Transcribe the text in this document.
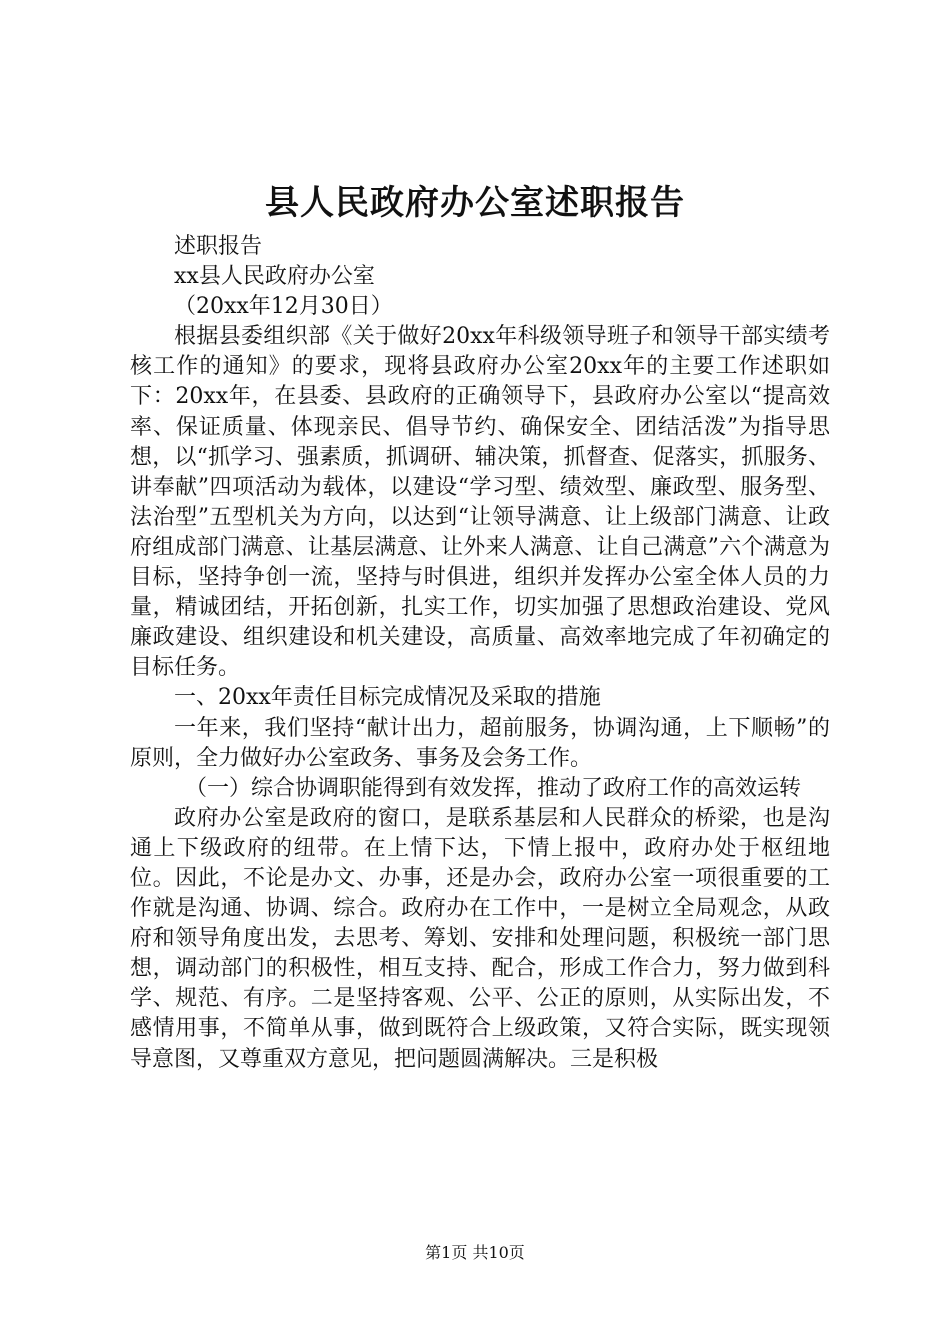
县人民政府办公室述职报告

述职报告

xx县人民政府办公室

（20xx年12月30日）

根据县委组织部《关于做好20xx年科级领导班子和领导干部实绩考核工作的通知》的要求，现将县政府办公室20xx年的主要工作述职如下：20xx年，在县委、县政府的正确领导下，县政府办公室以“提高效率、保证质量、体现亲民、倡导节约、确保安全、团结活泼”为指导思想，以“抓学习、强素质，抓调研、辅决策，抓督查、促落实，抓服务、讲奉献”四项活动为载体，以建设“学习型、绩效型、廉政型、服务型、法治型”五型机关为方向，以达到“让领导满意、让上级部门满意、让政府组成部门满意、让基层满意、让外来人满意、让自己满意”六个满意为目标，坚持争创一流，坚持与时俱进，组织并发挥办公室全体人员的力量，精诚团结，开拓创新，扎实工作，切实加强了思想政治建设、党风廉政建设、组织建设和机关建设，高质量、高效率地完成了年初确定的目标任务。

一、20xx年责任目标完成情况及采取的措施

一年来，我们坚持“献计出力，超前服务，协调沟通，上下顺畅”的原则，全力做好办公室政务、事务及会务工作。

（一）综合协调职能得到有效发挥，推动了政府工作的高效运转

政府办公室是政府的窗口，是联系基层和人民群众的桥梁，也是沟通上下级政府的纽带。在上情下达，下情上报中，政府办处于枢纽地位。因此，不论是办文、办事，还是办会，政府办公室一项很重要的工作就是沟通、协调、综合。政府办在工作中，一是树立全局观念，从政府和领导角度出发，去思考、筹划、安排和处理问题，积极统一部门思想，调动部门的积极性，相互支持、配合，形成工作合力，努力做到科学、规范、有序。二是坚持客观、公平、公正的原则，从实际出发，不感情用事，不简单从事，做到既符合上级政策，又符合实际，既实现领导意图，又尊重双方意见，把问题圆满解决。三是积极

第1页 共10页
